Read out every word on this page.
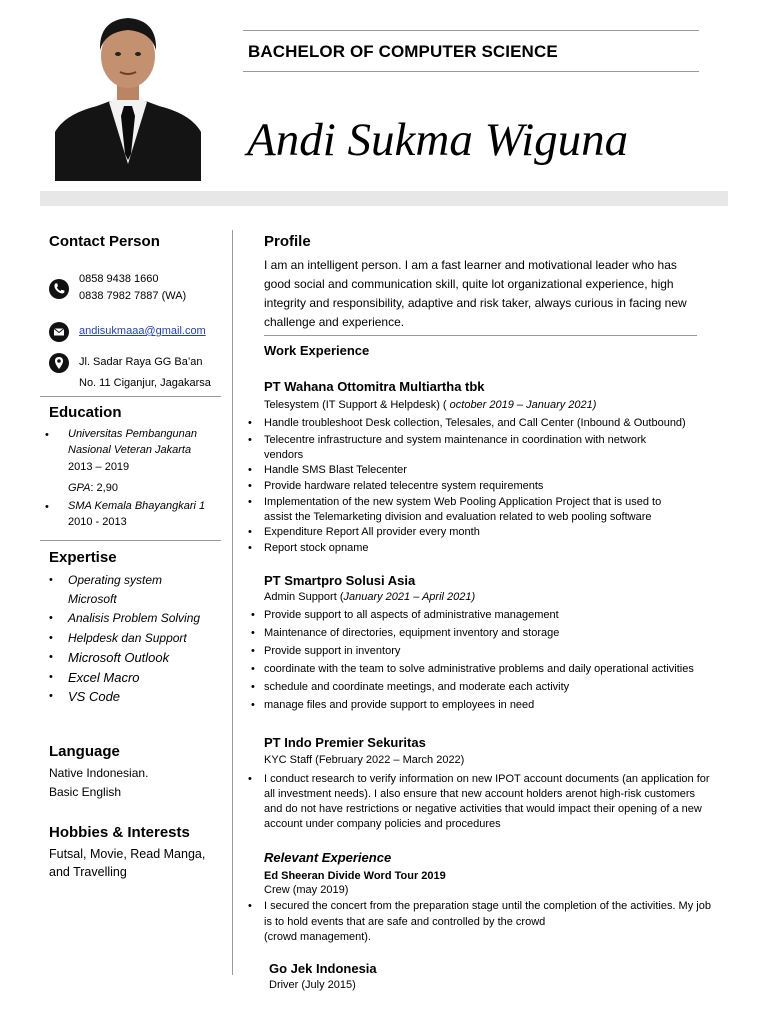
BACHELOR OF COMPUTER SCIENCE
Andi Sukma Wiguna
Contact Person
0858 9438 1660
0838 7982 7887 (WA)
andisukmaaa@gmail.com
Jl. Sadar Raya GG Ba’an
No. 11 Ciganjur, Jagakarsa
Education
• Universitas Pembangunan
Nasional Veteran Jakarta
2013 – 2019
GPA: 2,90
• SMA Kemala Bhayangkari 1
2010 - 2013
Expertise
• Operating system
Microsoft
• Analisis Problem Solving
• Helpdesk dan Support
• Microsoft Outlook
• Excel Macro
• VS Code
Language
Native Indonesian.
Basic English
Hobbies & Interests
Futsal, Movie, Read Manga,
and Travelling
Profile
I am an intelligent person. I am a fast learner and motivational leader who has good social and communication skill, quite lot organizational experience, high integrity and responsibility, adaptive and risk taker, always curious in facing new challenge and experience.
Work Experience
PT Wahana Ottomitra Multiartha tbk
Telesystem (IT Support & Helpdesk) ( october 2019 – January 2021)
• Handle troubleshoot Desk collection, Telesales, and Call Center (Inbound & Outbound)
• Telecentre infrastructure and system maintenance in coordination with network
vendors
• Handle SMS Blast Telecenter
• Provide hardware related telecentre system requirements
• Implementation of the new system Web Pooling Application Project that is used to
assist the Telemarketing division and evaluation related to web pooling software
• Expenditure Report All provider every month
• Report stock opname
PT Smartpro Solusi Asia
Admin Support (January 2021 – April 2021)
• Provide support to all aspects of administrative management
• Maintenance of directories, equipment inventory and storage
• Provide support in inventory
• coordinate with the team to solve administrative problems and daily operational activities
• schedule and coordinate meetings, and moderate each activity
• manage files and provide support to employees in need
PT Indo Premier Sekuritas
KYC Staff (February 2022 – March 2022)
• I conduct research to verify information on new IPOT account documents (an application for
all investment needs). I also ensure that new account holders arenot high-risk customers
and do not have restrictions or negative activities that would impact their opening of a new
account under company policies and procedures
Relevant Experience
Ed Sheeran Divide Word Tour 2019
Crew (may 2019)
• I secured the concert from the preparation stage until the completion of the activities. My job
is to hold events that are safe and controlled by the crowd
(crowd management).
Go Jek Indonesia
Driver (July 2015)
